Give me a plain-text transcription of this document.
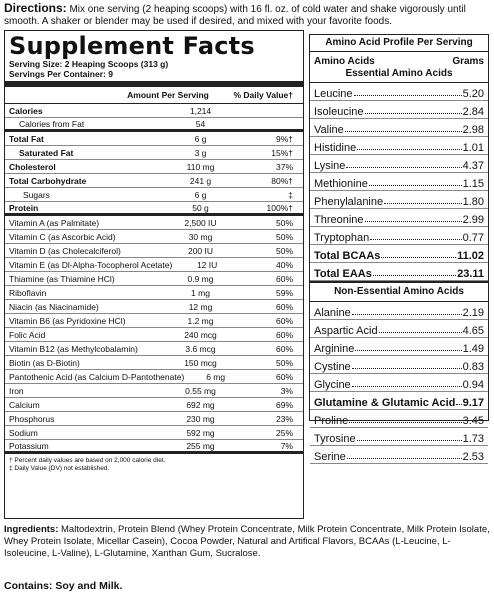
Directions: Mix one serving (2 heaping scoops) with 16 fl. oz. of cold water and shake vigorously until smooth. A shaker or blender may be used if desired, and mixed with your favorite foods.
Supplement Facts
Serving Size: 2 Heaping Scoops (313 g)
Servings Per Container: 9
Amount Per Serving	% Daily Value†
Calories	1,214
Calories from Fat	54
Total Fat	6 g	9%†
Saturated Fat	3 g	15%†
Cholesterol	110 mg	37%
Total Carbohydrate	241 g	80%†
Sugars	6 g	‡
Protein	50 g	100%†
Vitamin A (as Palmitate)	2,500 IU	50%
Vitamin C (as Ascorbic Acid)	30 mg	50%
Vitamin D (as Cholecalciferol)	200 IU	50%
Vitamin E (as Dl-Alpha-Tocopherol Acetate)	12 IU	40%
Thiamine (as Thiamine HCl)	0.9 mg	60%
Riboflavin	1 mg	59%
Niacin (as Niacinamide)	12 mg	60%
Vitamin B6 (as Pyridoxine HCl)	1.2 mg	60%
Folic Acid	240 mcg	60%
Vitamin B12 (as Methylcobalamin)	3.6 mcg	60%
Biotin (as D-Biotin)	150 mcg	50%
Pantothenic Acid (as Calcium D-Pantothenate)	6 mg	60%
Iron	0.55 mg	3%
Calcium	692 mg	69%
Phosphorus	230 mg	23%
Sodium	592 mg	25%
Potassium	255 mg	7%
† Percent daily values are based on 2,000 calorie diet.
‡ Daily Value (DV) not established.
Amino Acid Profile Per Serving
Amino Acids	Grams
Essential Amino Acids
Leucine	5.20
Isoleucine	2.84
Valine	2.98
Histidine	1.01
Lysine	4.37
Methionine	1.15
Phenylalanine	1.80
Threonine	2.99
Tryptophan	0.77
Total BCAAs	11.02
Total EAAs	23.11
Non-Essential Amino Acids
Alanine	2.19
Aspartic Acid	4.65
Arginine	1.49
Cystine	0.83
Glycine	0.94
Glutamine & Glutamic Acid 9.17
Proline	3.45
Tyrosine	1.73
Serine	2.53
Ingredients: Maltodextrin, Protein Blend (Whey Protein Concentrate, Milk Protein Concentrate, Milk Protein Isolate, Whey Protein Isolate, Micellar Casein), Cocoa Powder, Natural and Artifical Flavors, BCAAs (L-Leucine, L-Isoleucine, L-Valine), L-Glutamine, Xanthan Gum, Sucralose.
Contains: Soy and Milk.
